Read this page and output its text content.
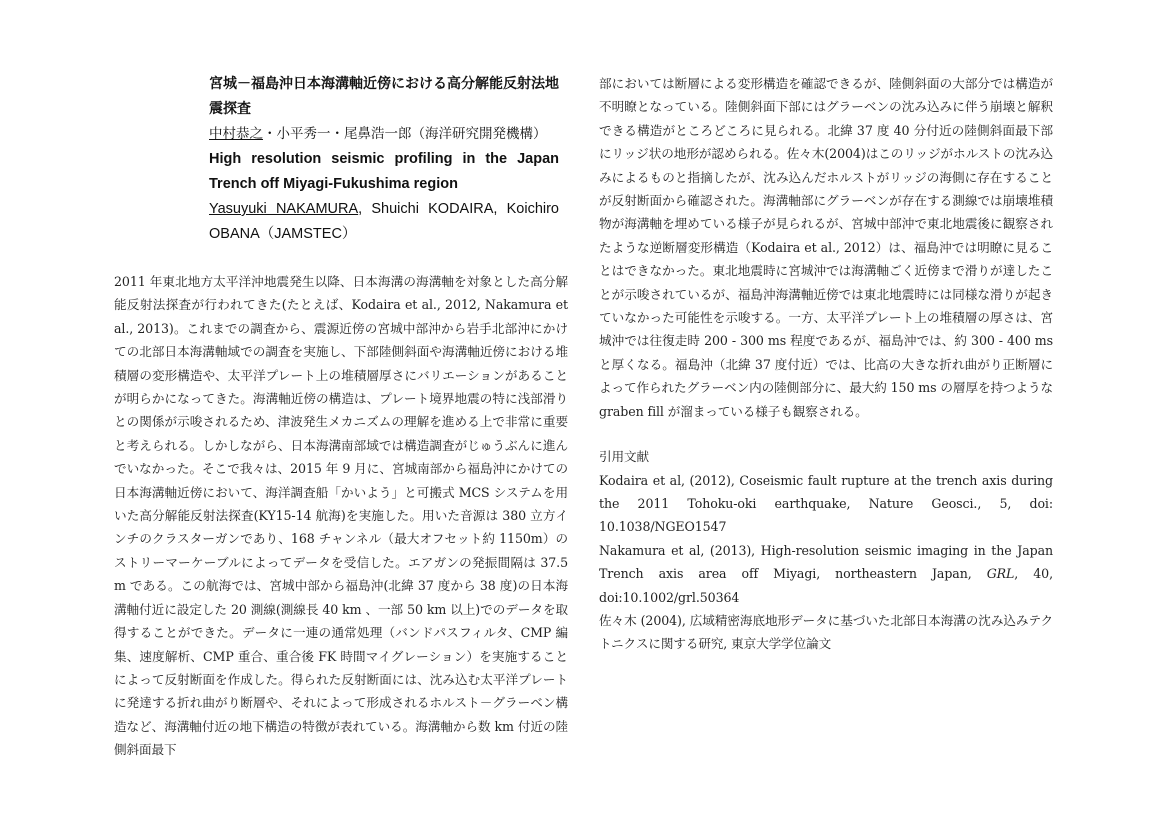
宮城－福島沖日本海溝軸近傍における高分解能反射法地震探査
中村恭之・小平秀一・尾鼻浩一郎（海洋研究開発機構）
High resolution seismic profiling in the Japan Trench off Miyagi-Fukushima region
Yasuyuki NAKAMURA, Shuichi KODAIRA, Koichiro OBANA（JAMSTEC）

2011 年東北地方太平洋沖地震発生以降、日本海溝の海溝軸を対象とした高分解能反射法探査が行われてきた(たとえば、Kodaira et al., 2012, Nakamura et al., 2013)。これまでの調査から、震源近傍の宮城中部沖から岩手北部沖にかけての北部日本海溝軸域での調査を実施し、下部陸側斜面や海溝軸近傍における堆積層の変形構造や、太平洋プレート上の堆積層厚さにバリエーションがあることが明らかになってきた。海溝軸近傍の構造は、プレート境界地震の特に浅部滑りとの関係が示唆されるため、津波発生メカニズムの理解を進める上で非常に重要と考えられる。しかしながら、日本海溝南部域では構造調査がじゅうぶんに進んでいなかった。そこで我々は、2015 年 9 月に、宮城南部から福島沖にかけての日本海溝軸近傍において、海洋調査船「かいよう」と可搬式 MCS システムを用いた高分解能反射法探査(KY15-14 航海)を実施した。用いた音源は 380 立方インチのクラスターガンであり、168 チャンネル（最大オフセット約 1150m）のストリーマーケーブルによってデータを受信した。エアガンの発振間隔は 37.5 m である。この航海では、宮城中部から福島沖(北緯 37 度から 38 度)の日本海溝軸付近に設定した 20 測線(測線長 40 km 、一部 50 km 以上)でのデータを取得することができた。データに一連の通常処理（バンドパスフィルタ、CMP 編集、速度解析、CMP 重合、重合後 FK 時間マイグレーション）を実施することによって反射断面を作成した。得られた反射断面には、沈み込む太平洋プレートに発達する折れ曲がり断層や、それによって形成されるホルスト－グラーベン構造など、海溝軸付近の地下構造の特徴が表れている。海溝軸から数 km 付近の陸側斜面最下

部においては断層による変形構造を確認できるが、陸側斜面の大部分では構造が不明瞭となっている。陸側斜面下部にはグラーベンの沈み込みに伴う崩壊と解釈できる構造がところどころに見られる。北緯 37 度 40 分付近の陸側斜面最下部にリッジ状の地形が認められる。佐々木(2004)はこのリッジがホルストの沈み込みによるものと指摘したが、沈み込んだホルストがリッジの海側に存在することが反射断面から確認された。海溝軸部にグラーベンが存在する測線では崩壊堆積物が海溝軸を埋めている様子が見られるが、宮城中部沖で東北地震後に観察されたような逆断層変形構造（Kodaira et al., 2012）は、福島沖では明瞭に見ることはできなかった。東北地震時に宮城沖では海溝軸ごく近傍まで滑りが達したことが示唆されているが、福島沖海溝軸近傍では東北地震時には同様な滑りが起きていなかった可能性を示唆する。一方、太平洋プレート上の堆積層の厚さは、宮城沖では往復走時 200 - 300 ms 程度であるが、福島沖では、約 300 - 400 ms と厚くなる。福島沖（北緯 37 度付近）では、比高の大きな折れ曲がり正断層によって作られたグラーベン内の陸側部分に、最大約 150 ms の層厚を持つような graben fill が溜まっている様子も観察される。

引用文献

Kodaira et al, (2012), Coseismic fault rupture at the trench axis during the 2011 Tohoku-oki earthquake, Nature Geosci., 5, doi: 10.1038/NGEO1547
Nakamura et al, (2013), High-resolution seismic imaging in the Japan Trench axis area off Miyagi, northeastern Japan, GRL, 40, doi:10.1002/grl.50364
佐々木 (2004), 広域精密海底地形データに基づいた北部日本海溝の沈み込みテクトニクスに関する研究, 東京大学学位論文
